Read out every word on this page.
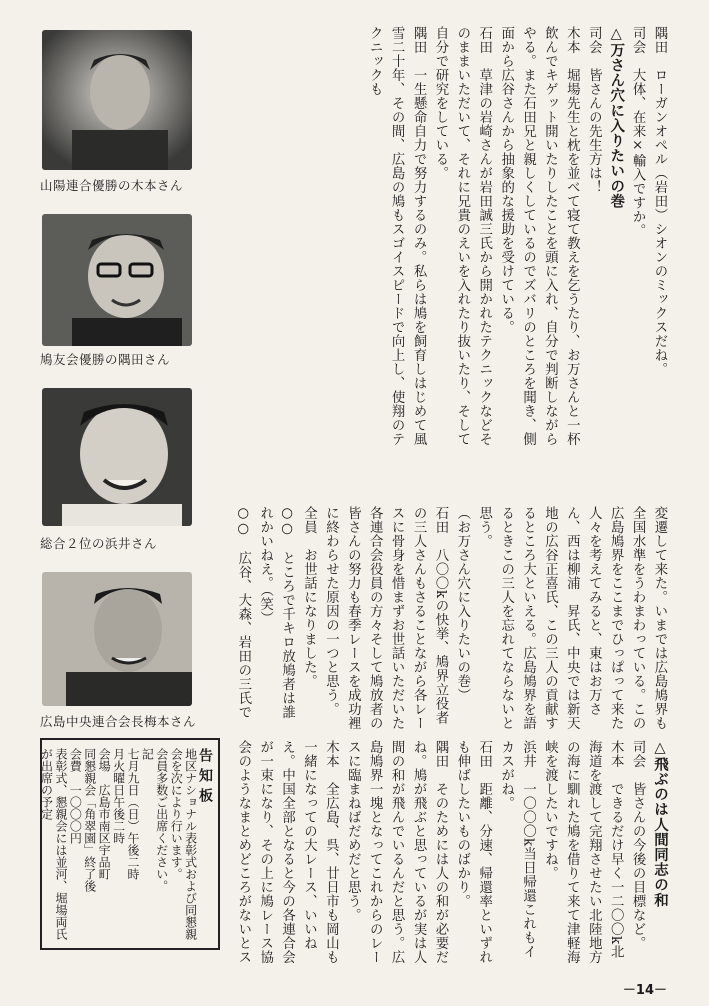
山陽連合優勝の木本さん
鳩友会優勝の隅田さん
総合２位の浜井さん
広島中央連合会長梅本さん
隅田　ローガンオペル（岩田）シオンのミックスだね。
司会　大体、在来×輸入ですか。
△万さん穴に入りたいの巻
司会　皆さんの先生方は！
木本　堀場先生と枕を並べて寝て教えを乞うたり、お万さんと一杯飲んでキゲット開いたりしたことを頭に入れ、自分で判断しながらやる。また石田兄と親しくしているのでズバリのところを聞き、側面から広谷さんから抽象的な援助を受けている。
石田　草津の岩崎さんが岩田誠三氏から開かれたテクニックなどそのままいただいて、それに兄貴のえいを入れたり抜いたり、そして自分で研究をしている。
隅田　一生懸命自力で努力するのみ。私らは鳩を飼育しはじめて風雪二十年、その間、広島の鳩もスゴイスピードで向上し、使翔のテクニックも
変遷して来た。いまでは広島鳩界も全国水準をうわまわっている。この広島鳩界をここまでひっぱって来た人々を考えてみると、東はお万さん、西は柳浦　昇氏、中央では新天地の広谷正喜氏、この三人の貢献するところ大といえる。広島鳩界を語るときこの三人を忘れてならないと思う。
（お万さん穴に入りたいの巻）
石田　八〇〇kの快挙、鳩界立役者の三人さんもさることながら各レースに骨身を惜まずお世話いただいた各連合会役員の方々そして鳩放者の皆さんの努力も春季レースを成功裡に終わらせた原因の一つと思う。
全員　お世話になりました。
○○　ところで千キロ放鳩者は誰れかいねえ。（笑）
○○　広谷、大森、岩田の三氏で
△飛ぶのは人間同志の和
司会　皆さんの今後の目標など。
木本　できるだけ早く一二〇〇k北海道を渡して完翔させたい北陸地方の海に馴れた鳩を借りて来て津軽海峡を渡したいですね。
浜井　一〇〇〇k当日帰還これもイカスがね。
石田　距離、分速、帰還率といずれも伸ばしたいものばかり。
隅田　そのためには人の和が必要だね。鳩が飛ぶと思っているが実は人間の和が飛んでいるんだと思う。広島鳩界一塊となってこれからのレースに臨まねばだめだと思う。
木本　全広島、呉、廿日市も岡山も一緒になっての大レース、いいねえ。中国全部となると今の各連合会が一束になり、その上に鳩レース協会のようなまとめどころがないとス
告知板
地区ナショナル表彰式および同懇親会を次により行います。
会員多数ご出席ください。
記
七月九日（日）午後二時
月火曜日午後二時
会場　広島市南区宇品町
同懇親会「角翠園」終了後
会費　一〇〇〇円
表彰式、懇親会には並河、堀場両氏が出席の予定
－14－
